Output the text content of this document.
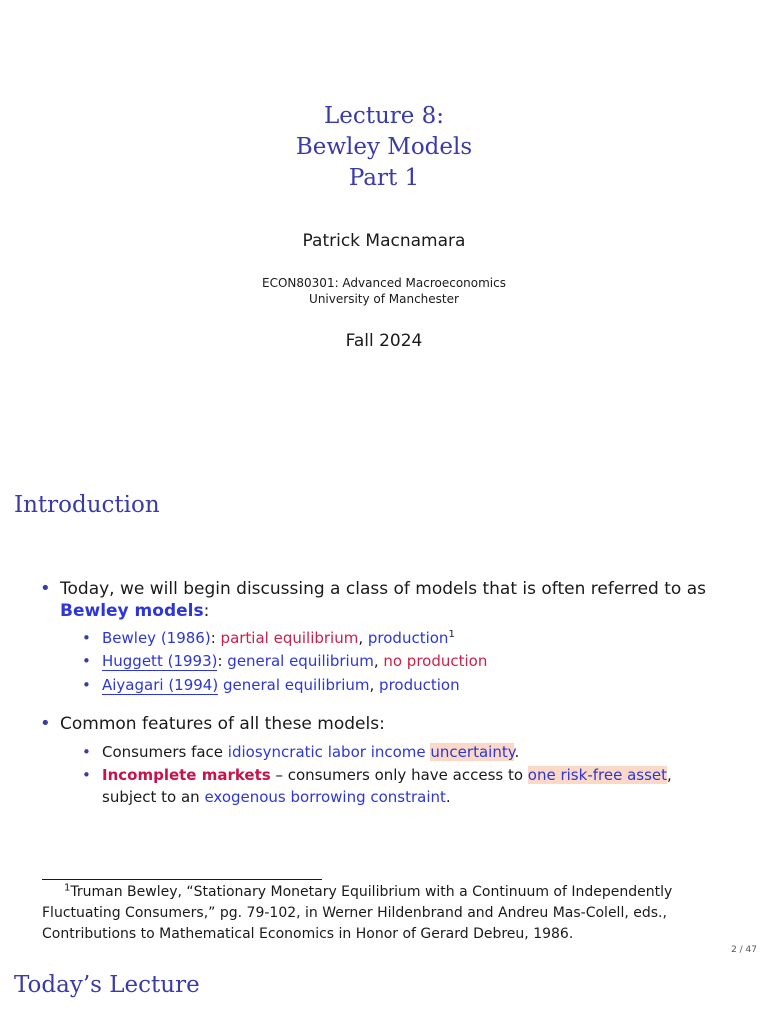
Lecture 8:
Bewley Models
Part 1
Patrick Macnamara
ECON80301: Advanced Macroeconomics
University of Manchester
Fall 2024
Introduction
• Today, we will begin discussing a class of models that is often referred to as
Bewley models:
• Bewley (1986): partial equilibrium, production$^1$
• Huggett (1993): general equilibrium, no production
• Aiyagari (1994) general equilibrium, production
• Common features of all these models:
• Consumers face idiosyncratic labor income uncertainty.
• Incomplete markets – consumers only have access to one risk-free asset,
subject to an exogenous borrowing constraint.
$^1$Truman Bewley, “Stationary Monetary Equilibrium with a Continuum of Independently
Fluctuating Consumers,” pg. 79-102, in Werner Hildenbrand and Andreu Mas-Colell, eds.,
Contributions to Mathematical Economics in Honor of Gerard Debreu, 1986.
2 / 47
Today’s Lecture
